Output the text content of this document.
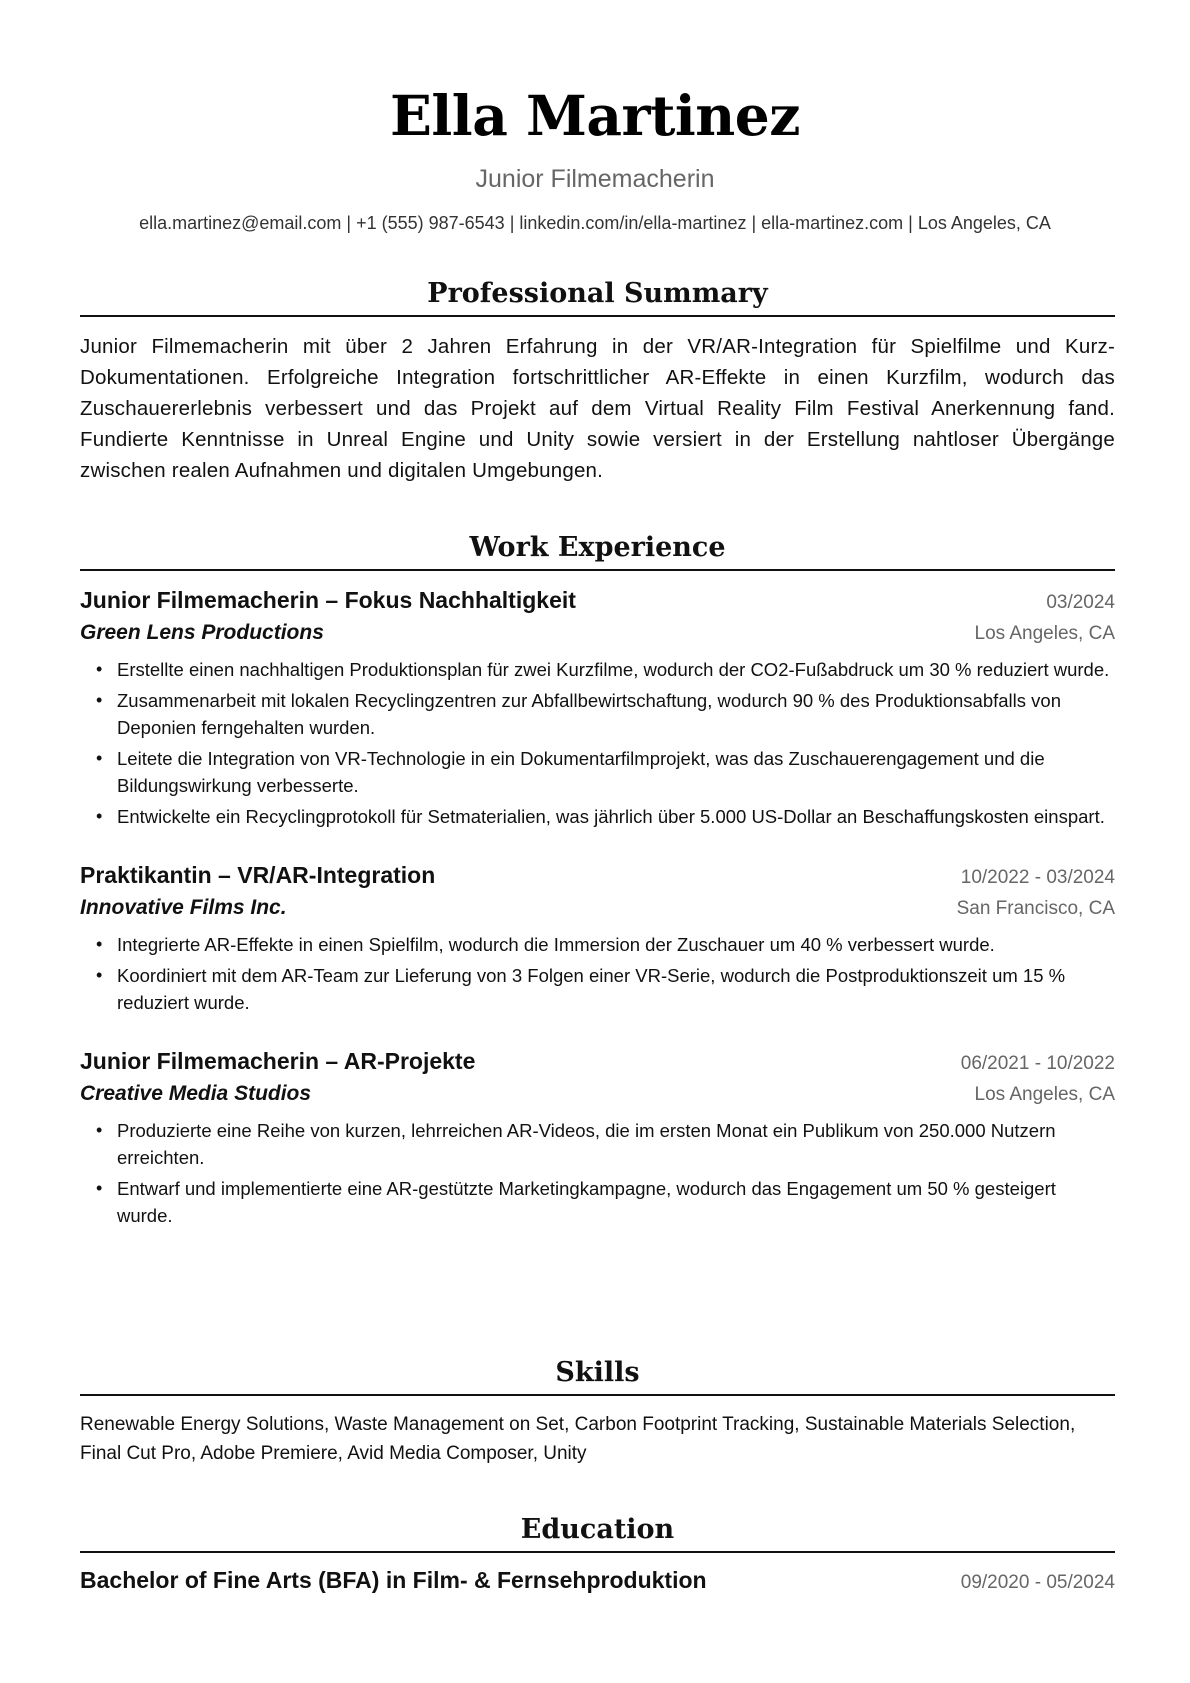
Ella Martinez
Junior Filmemacherin
ella.martinez@email.com | +1 (555) 987-6543 | linkedin.com/in/ella-martinez | ella-martinez.com | Los Angeles, CA
Professional Summary
Junior Filmemacherin mit über 2 Jahren Erfahrung in der VR/AR-Integration für Spielfilme und Kurz-Dokumentationen. Erfolgreiche Integration fortschrittlicher AR-Effekte in einen Kurzfilm, wodurch das Zuschauererlebnis verbessert und das Projekt auf dem Virtual Reality Film Festival Anerkennung fand. Fundierte Kenntnisse in Unreal Engine und Unity sowie versiert in der Erstellung nahtloser Übergänge zwischen realen Aufnahmen und digitalen Umgebungen.
Work Experience
Junior Filmemacherin – Fokus Nachhaltigkeit	03/2024
Green Lens Productions	Los Angeles, CA
• Erstellte einen nachhaltigen Produktionsplan für zwei Kurzfilme, wodurch der CO2-Fußabdruck um 30 % reduziert wurde.
• Zusammenarbeit mit lokalen Recyclingzentren zur Abfallbewirtschaftung, wodurch 90 % des Produktionsabfalls von Deponien ferngehalten wurden.
• Leitete die Integration von VR-Technologie in ein Dokumentarfilmprojekt, was das Zuschauerengagement und die Bildungswirkung verbesserte.
• Entwickelte ein Recyclingprotokoll für Setmaterialien, was jährlich über 5.000 US-Dollar an Beschaffungskosten einspart.
Praktikantin – VR/AR-Integration	10/2022 - 03/2024
Innovative Films Inc.	San Francisco, CA
• Integrierte AR-Effekte in einen Spielfilm, wodurch die Immersion der Zuschauer um 40 % verbessert wurde.
• Koordiniert mit dem AR-Team zur Lieferung von 3 Folgen einer VR-Serie, wodurch die Postproduktionszeit um 15 % reduziert wurde.
Junior Filmemacherin – AR-Projekte	06/2021 - 10/2022
Creative Media Studios	Los Angeles, CA
• Produzierte eine Reihe von kurzen, lehrreichen AR-Videos, die im ersten Monat ein Publikum von 250.000 Nutzern erreichten.
• Entwarf und implementierte eine AR-gestützte Marketingkampagne, wodurch das Engagement um 50 % gesteigert wurde.
Skills
Renewable Energy Solutions, Waste Management on Set, Carbon Footprint Tracking, Sustainable Materials Selection, Final Cut Pro, Adobe Premiere, Avid Media Composer, Unity
Education
Bachelor of Fine Arts (BFA) in Film- & Fernsehproduktion	09/2020 - 05/2024
